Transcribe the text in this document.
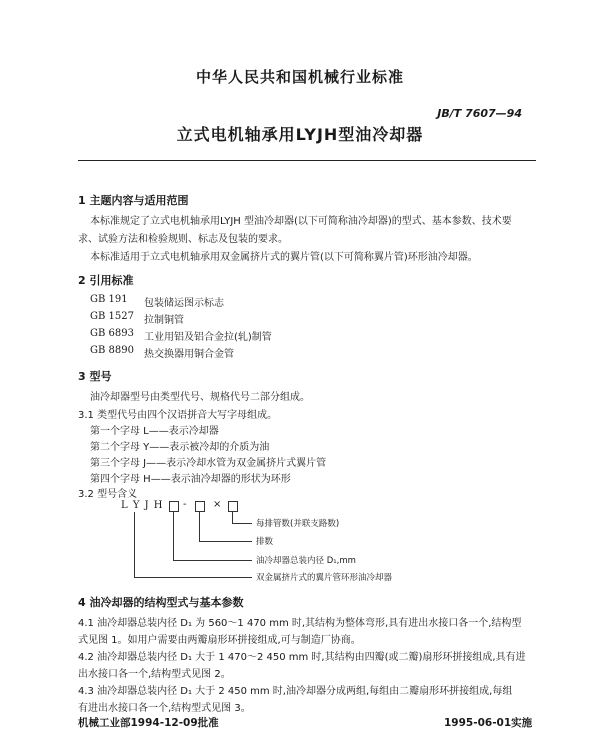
中华人民共和国机械行业标准
JB/T 7607—94
立式电机轴承用LYJH型油冷却器
1 主题内容与适用范围
本标准规定了立式电机轴承用LYJH 型油冷却器(以下可简称油冷却器)的型式、基本参数、技术要
求、试验方法和检验规则、标志及包装的要求。
本标准适用于立式电机轴承用双金属挤片式的翼片管(以下可简称翼片管)环形油冷却器。
2 引用标准
GB 191 包装储运图示标志
GB 1527 拉制铜管
GB 6893 工业用铝及铝合金拉(轧)制管
GB 8890 热交换器用铜合金管
3 型号
油冷却器型号由类型代号、规格代号二部分组成。
3.1 类型代号由四个汉语拼音大写字母组成。
第一个字母 L——表示冷却器
第二个字母 Y——表示被冷却的介质为油
第三个字母 J——表示冷却水管为双金属挤片式翼片管
第四个字母 H——表示油冷却器的形状为环形
3.2 型号含义
L Y J H -	×
每排管数(并联支路数)
排数
油冷却器总装内径 D₁,mm
双金属挤片式的翼片管环形油冷却器
4 油冷却器的结构型式与基本参数
4.1 油冷却器总装内径 D₁ 为 560～1 470 mm 时,其结构为整体弯形,具有进出水接口各一个,结构型
式见图 1。如用户需要由两瓣扇形环拼接组成,可与制造厂协商。
4.2 油冷却器总装内径 D₁ 大于 1 470～2 450 mm 时,其结构由四瓣(或二瓣)扇形环拼接组成,具有进
出水接口各一个,结构型式见图 2。
4.3 油冷却器总装内径 D₁ 大于 2 450 mm 时,油冷却器分成两组,每组由二瓣扇形环拼接组成,每组
有进出水接口各一个,结构型式见图 3。
机械工业部1994-12-09批准	1995-06-01实施
